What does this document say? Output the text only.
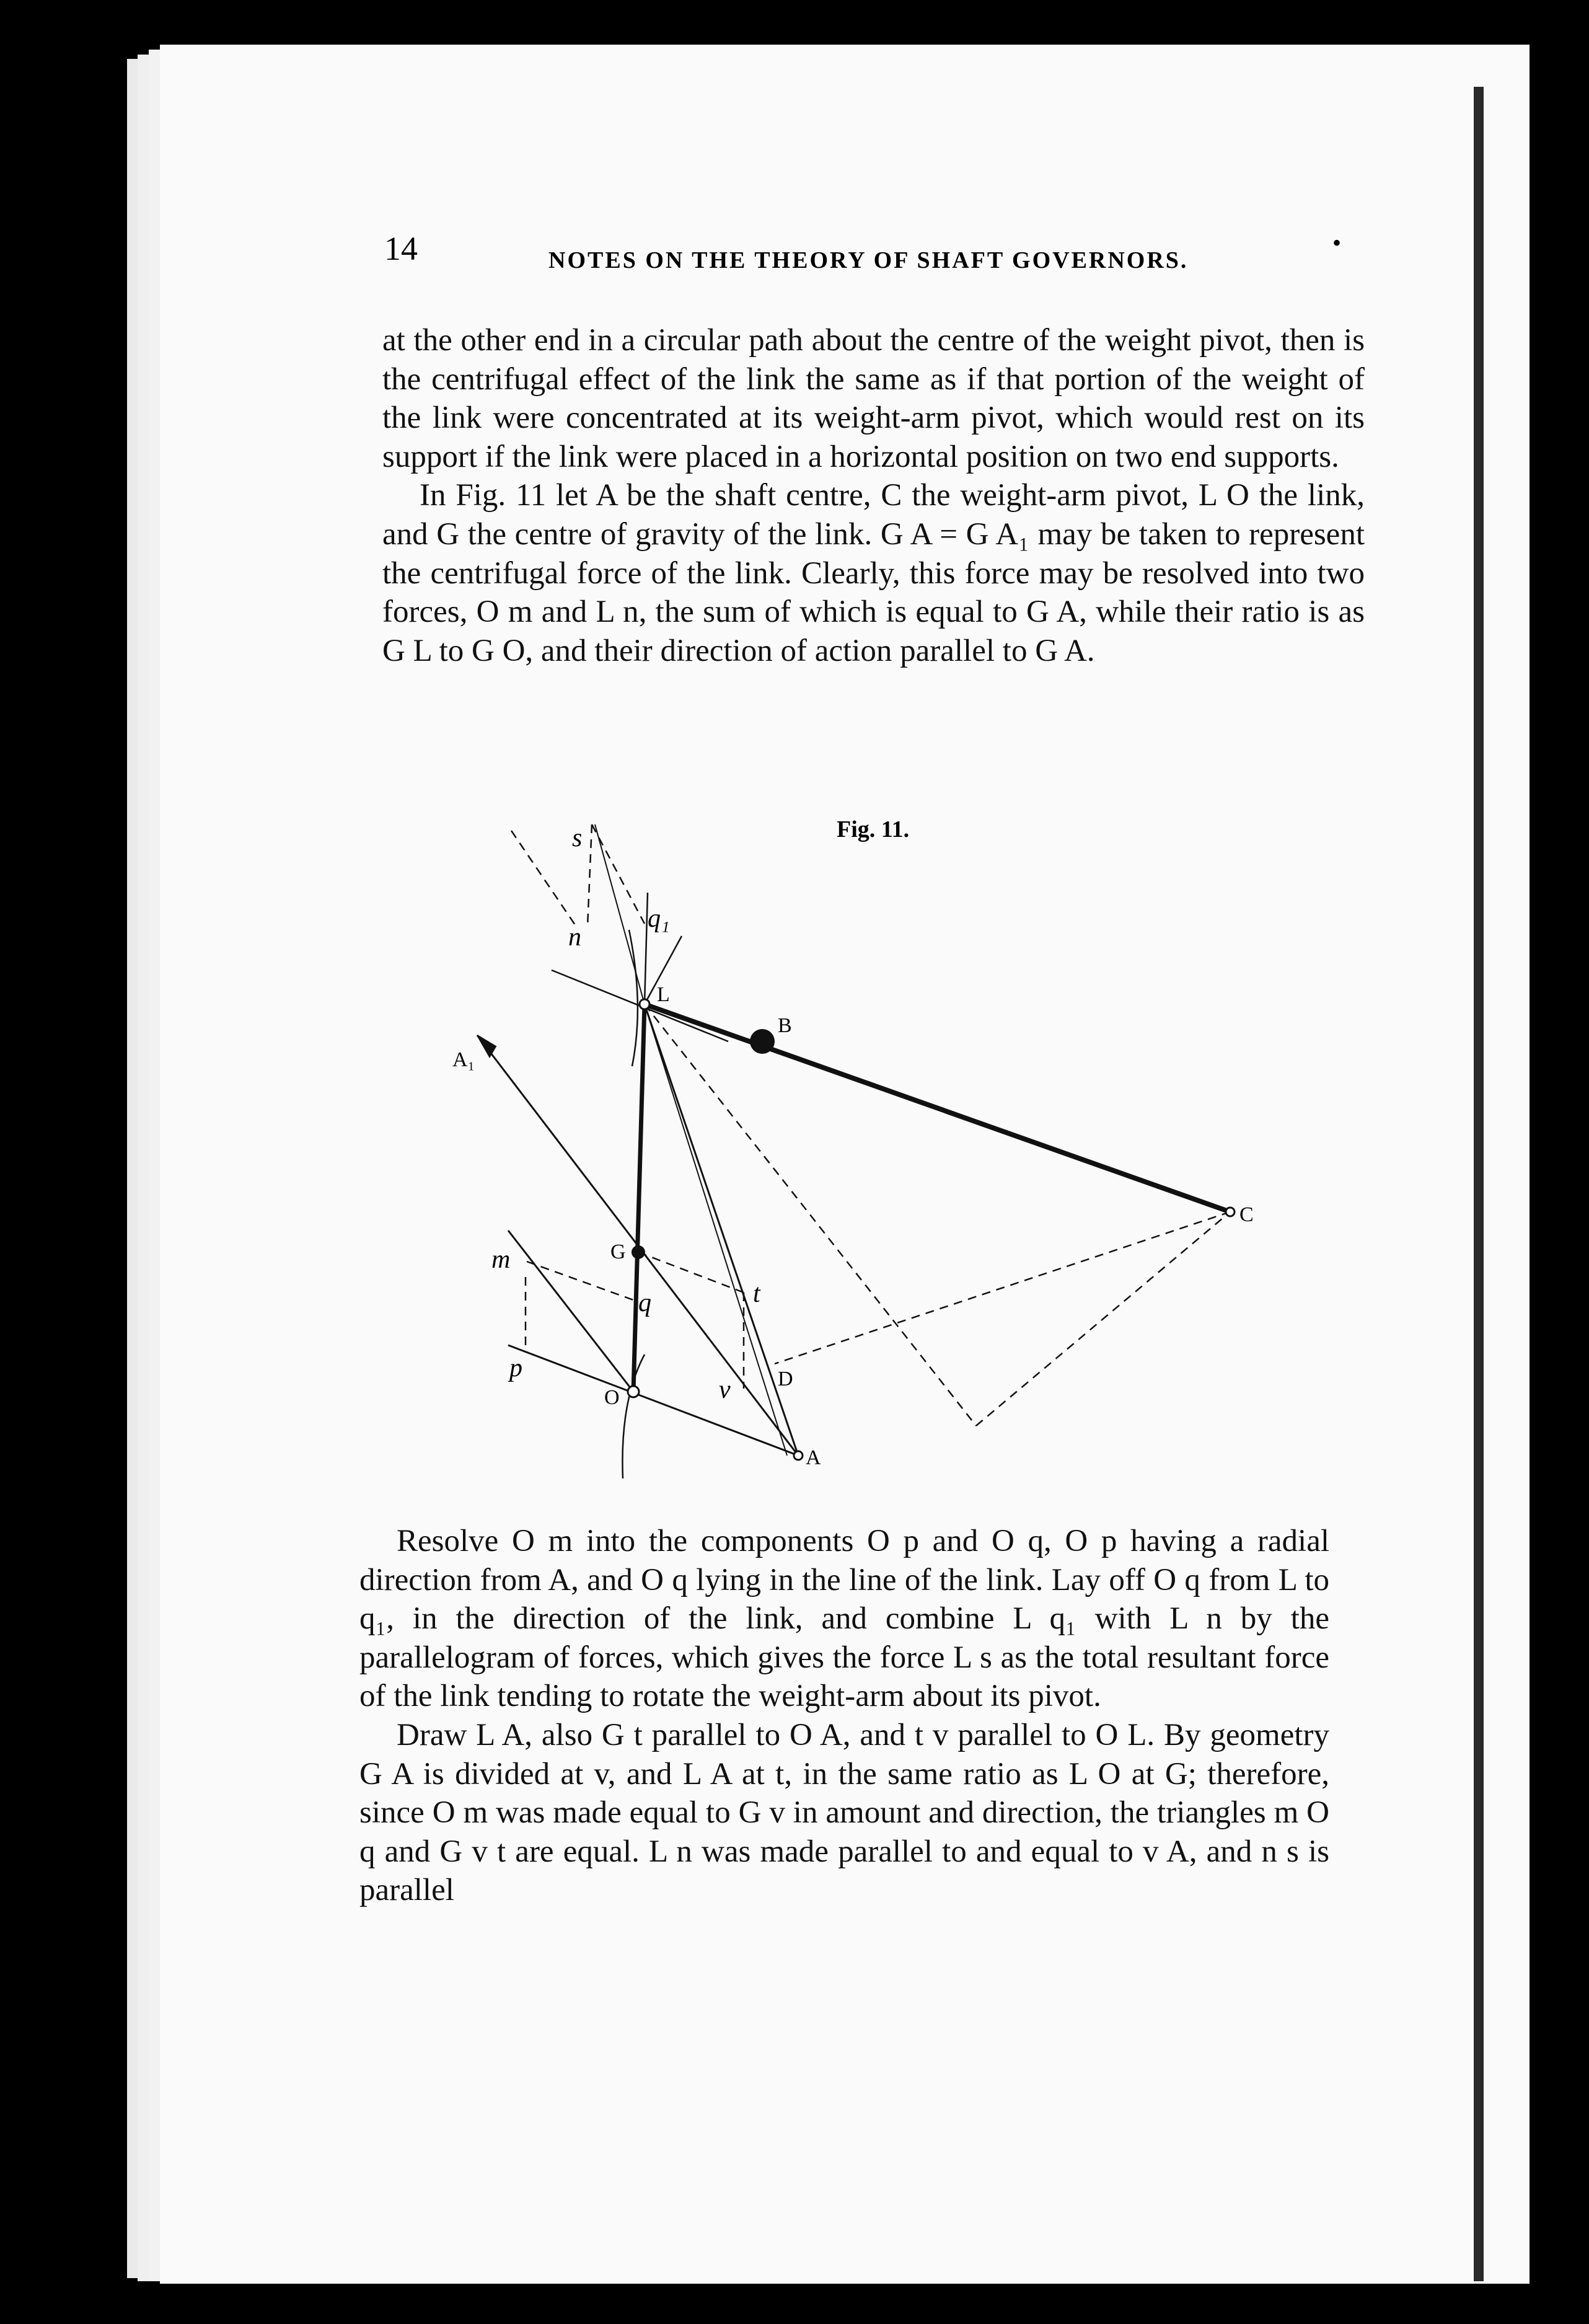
14	NOTES ON THE THEORY OF SHAFT GOVERNORS.
•

at the other end in a circular path about the centre of the weight pivot, then is the centrifugal effect of the link the same as if that portion of the weight of the link were concentrated at its weight-arm pivot, which would rest on its support if the link were placed in a horizontal position on two end supports.

In Fig. 11 let A be the shaft centre, C the weight-arm pivot, L O the link, and G the centre of gravity of the link. G A = G A₁ may be taken to represent the centrifugal force of the link. Clearly, this force may be resolved into two forces, O m and L n, the sum of which is equal to G A, while their ratio is as G L to G O, and their direction of action parallel to G A.

Fig. 11.
s
n
q₁
L
B
A₁
C
m	G
q	t
p
O	v D
A

Resolve O m into the components O p and O q, O p having a radial direction from A, and O q lying in the line of the link. Lay off O q from L to q₁, in the direction of the link, and combine L q₁ with L n by the parallelogram of forces, which gives the force L s as the total resultant force of the link tending to rotate the weight-arm about its pivot.

Draw L A, also G t parallel to O A, and t v parallel to O L. By geometry G A is divided at v, and L A at t, in the same ratio as L O at G; therefore, since O m was made equal to G v in amount and direction, the triangles m O q and G v t are equal. L n was made parallel to and equal to v A, and n s is parallel
